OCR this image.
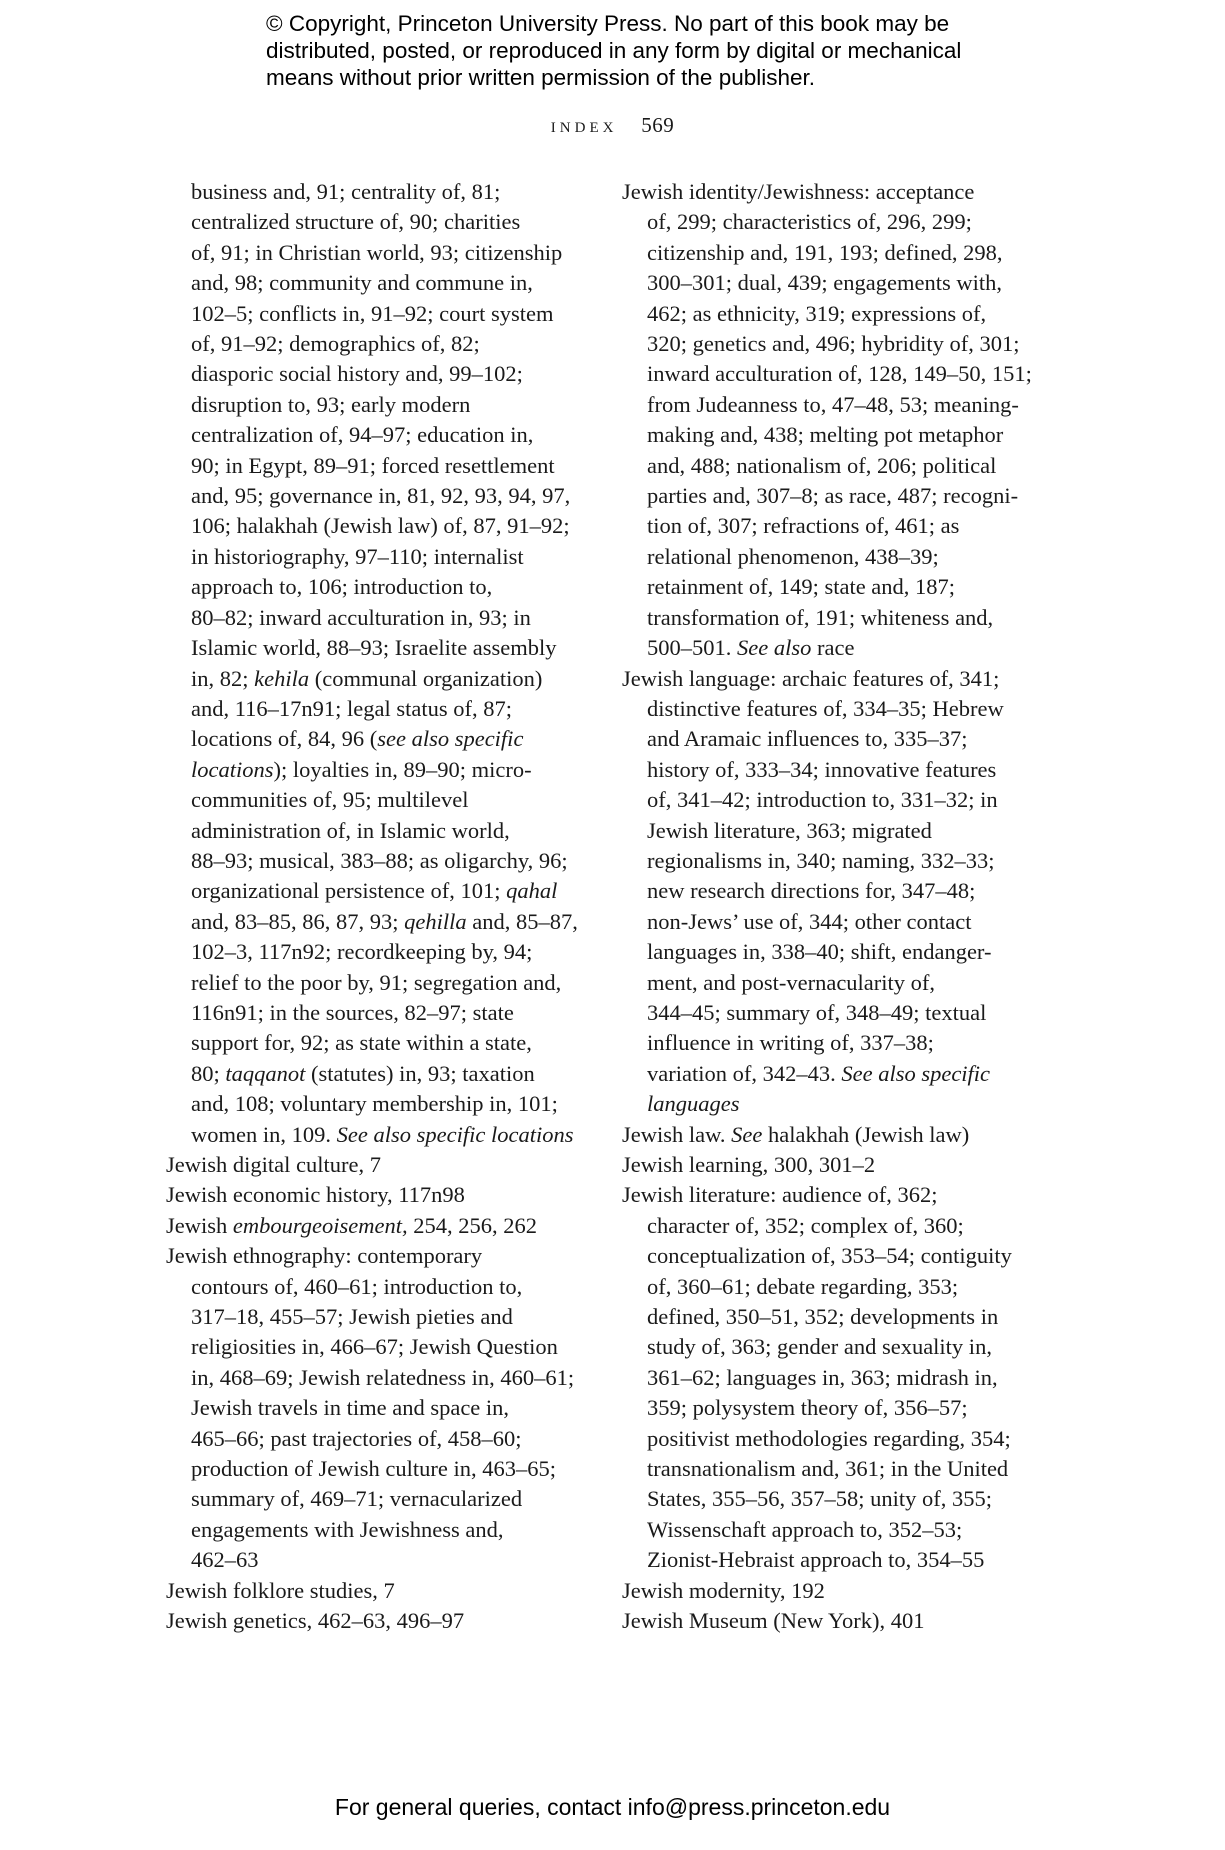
© Copyright, Princeton University Press. No part of this book may be
distributed, posted, or reproduced in any form by digital or mechanical
means without prior written permission of the publisher.
index 569
business and, 91; centrality of, 81;
centralized structure of, 90; charities
of, 91; in Christian world, 93; citizenship
and, 98; community and commune in,
102–5; conflicts in, 91–92; court system
of, 91–92; demographics of, 82;
diasporic social history and, 99–102;
disruption to, 93; early modern
centralization of, 94–97; education in,
90; in Egypt, 89–91; forced resettlement
and, 95; governance in, 81, 92, 93, 94, 97,
106; halakhah (Jewish law) of, 87, 91–92;
in historiography, 97–110; internalist
approach to, 106; introduction to,
80–82; inward acculturation in, 93; in
Islamic world, 88–93; Israelite assembly
in, 82; kehila (communal organization)
and, 116–17n91; legal status of, 87;
locations of, 84, 96 (see also specific
locations); loyalties in, 89–90; micro-
communities of, 95; multilevel
administration of, in Islamic world,
88–93; musical, 383–88; as oligarchy, 96;
organizational persistence of, 101; qahal
and, 83–85, 86, 87, 93; qehilla and, 85–87,
102–3, 117n92; recordkeeping by, 94;
relief to the poor by, 91; segregation and,
116n91; in the sources, 82–97; state
support for, 92; as state within a state,
80; taqqanot (statutes) in, 93; taxation
and, 108; voluntary membership in, 101;
women in, 109. See also specific locations
Jewish digital culture, 7
Jewish economic history, 117n98
Jewish embourgeoisement, 254, 256, 262
Jewish ethnography: contemporary
contours of, 460–61; introduction to,
317–18, 455–57; Jewish pieties and
religiosities in, 466–67; Jewish Question
in, 468–69; Jewish relatedness in, 460–61;
Jewish travels in time and space in,
465–66; past trajectories of, 458–60;
production of Jewish culture in, 463–65;
summary of, 469–71; vernacularized
engagements with Jewishness and,
462–63
Jewish folklore studies, 7
Jewish genetics, 462–63, 496–97
Jewish identity/Jewishness: acceptance
of, 299; characteristics of, 296, 299;
citizenship and, 191, 193; defined, 298,
300–301; dual, 439; engagements with,
462; as ethnicity, 319; expressions of,
320; genetics and, 496; hybridity of, 301;
inward acculturation of, 128, 149–50, 151;
from Judeanness to, 47–48, 53; meaning-
making and, 438; melting pot metaphor
and, 488; nationalism of, 206; political
parties and, 307–8; as race, 487; recogni-
tion of, 307; refractions of, 461; as
relational phenomenon, 438–39;
retainment of, 149; state and, 187;
transformation of, 191; whiteness and,
500–501. See also race
Jewish language: archaic features of, 341;
distinctive features of, 334–35; Hebrew
and Aramaic influences to, 335–37;
history of, 333–34; innovative features
of, 341–42; introduction to, 331–32; in
Jewish literature, 363; migrated
regionalisms in, 340; naming, 332–33;
new research directions for, 347–48;
non-Jews’ use of, 344; other contact
languages in, 338–40; shift, endanger-
ment, and post-vernacularity of,
344–45; summary of, 348–49; textual
influence in writing of, 337–38;
variation of, 342–43. See also specific
languages
Jewish law. See halakhah (Jewish law)
Jewish learning, 300, 301–2
Jewish literature: audience of, 362;
character of, 352; complex of, 360;
conceptualization of, 353–54; contiguity
of, 360–61; debate regarding, 353;
defined, 350–51, 352; developments in
study of, 363; gender and sexuality in,
361–62; languages in, 363; midrash in,
359; polysystem theory of, 356–57;
positivist methodologies regarding, 354;
transnationalism and, 361; in the United
States, 355–56, 357–58; unity of, 355;
Wissenschaft approach to, 352–53;
Zionist-Hebraist approach to, 354–55
Jewish modernity, 192
Jewish Museum (New York), 401
For general queries, contact info@press.princeton.edu
